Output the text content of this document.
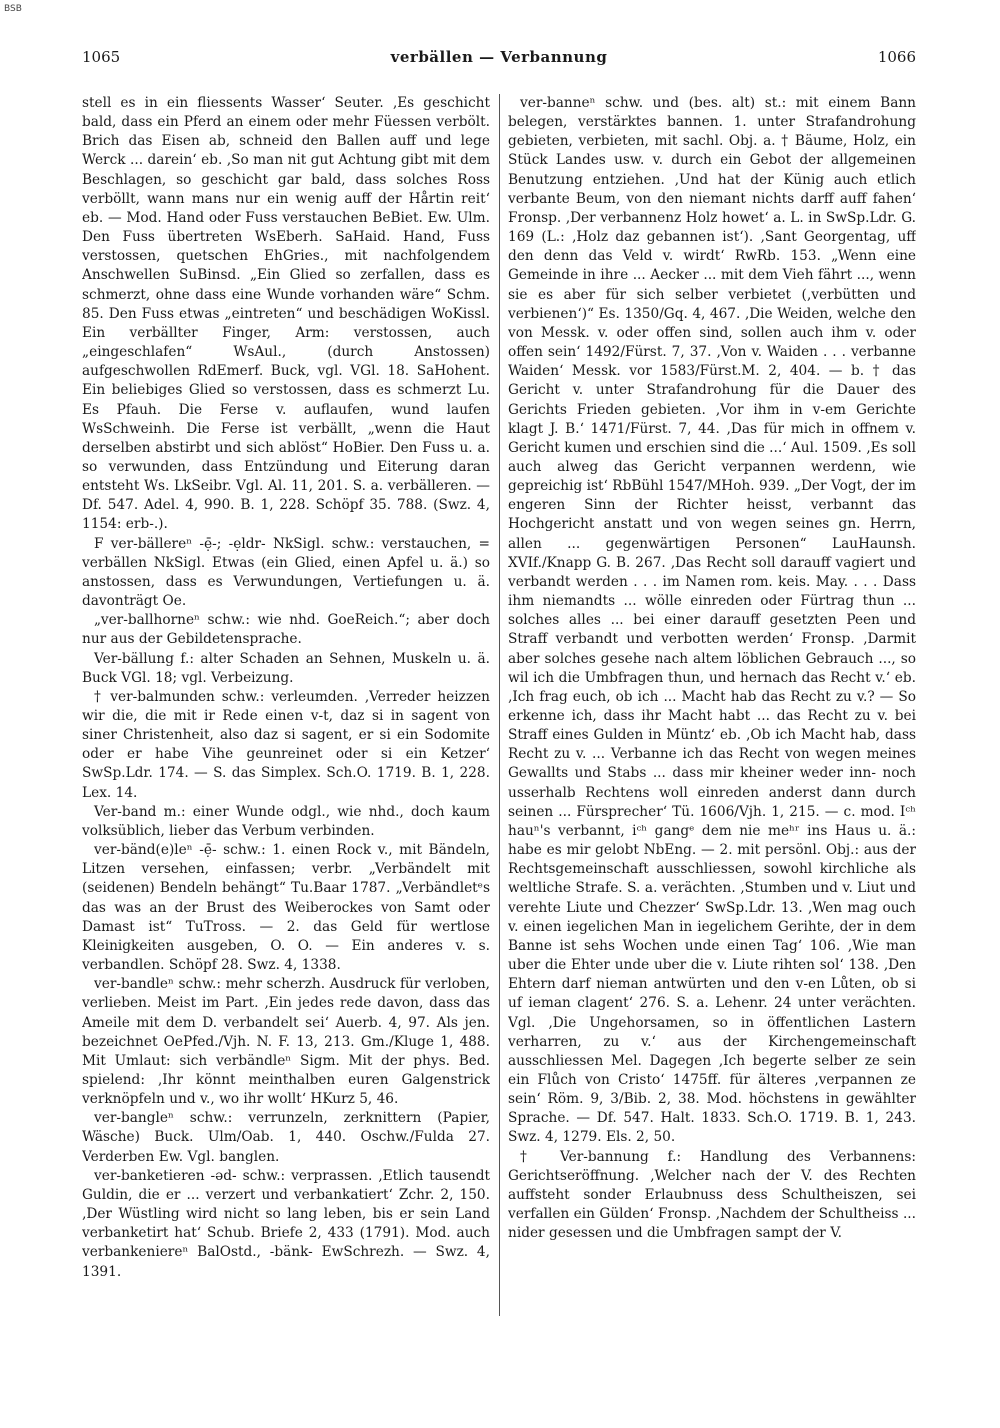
BSB
1065	verbällen — Verbannung	1066

stell es in ein fliessents Wasser‘ Seuter. ‚Es geschicht bald, dass ein Pferd an einem oder mehr Füessen verbölt. Brich das Eisen ab, schneid den Ballen auff und lege Werck ... darein‘ eb. ‚So man nit gut Achtung gibt mit dem Beschlagen, so geschicht gar bald, dass solches Ross verböllt, wann mans nur ein wenig auff der Hårtin reit‘ eb. — Mod. Hand oder Fuss verstauchen BeBiet. Ew. Ulm. Den Fuss übertreten WsEberh. SaHaid. Hand, Fuss verstossen, quetschen EhGries., mit nachfolgendem Anschwellen SuBinsd. „Ein Glied so zerfallen, dass es schmerzt, ohne dass eine Wunde vorhanden wäre“ Schm. 85. Den Fuss etwas „eintreten“ und beschädigen WoKissl. Ein verbällter Finger, Arm: verstossen, auch „eingeschlafen“ WsAul., (durch Anstossen) aufgeschwollen RdEmerf. Buck, vgl. VGl. 18. SaHohent. Ein beliebiges Glied so verstossen, dass es schmerzt Lu. Es Pfauh. Die Ferse v. auflaufen, wund laufen WsSchweinh. Die Ferse ist verbällt, „wenn die Haut derselben abstirbt und sich ablöst“ HoBier. Den Fuss u. a. so verwunden, dass Entzündung und Eiterung daran entsteht Ws. LkSeibr. Vgl. Al. 11, 201. S. a. verbälleren. — Df. 547. Adel. 4, 990. B. 1, 228. Schöpf 35. 788. (Swz. 4, 1154: erb-.).

F ver-bällereⁿ -ẹ̄-; -ẹldr- NkSigl. schw.: verstauchen, = verbällen NkSigl. Etwas (ein Glied, einen Apfel u. ä.) so anstossen, dass es Verwundungen, Vertiefungen u. ä. davonträgt Oe.

„ver-ballhorneⁿ schw.: wie nhd. GoeReich.“; aber doch nur aus der Gebildetensprache.

Ver-bällung f.: alter Schaden an Sehnen, Muskeln u. ä. Buck VGl. 18; vgl. Verbeizung.

† ver-balmunden schw.: verleumden. ‚Verreder heizzen wir die, die mit ir Rede einen v-t, daz si in sagent von siner Christenheit, also daz si sagent, er si ein Sodomite oder er habe Vihe geunreinet oder si ein Ketzer‘ SwSp.Ldr. 174. — S. das Simplex. Sch.O. 1719. B. 1, 228. Lex. 14.

Ver-band m.: einer Wunde odgl., wie nhd., doch kaum volksüblich, lieber das Verbum verbinden.

ver-bänd(e)leⁿ -ẹ̄- schw.: 1. einen Rock v., mit Bändeln, Litzen versehen, einfassen; verbr. „Verbändelt mit (seidenen) Bendeln behängt“ Tu.Baar 1787. „Verbändletᵉs das was an der Brust des Weiberockes von Samt oder Damast ist“ TuTross. — 2. das Geld für wertlose Kleinigkeiten ausgeben, O. O. — Ein anderes v. s. verbandlen. Schöpf 28. Swz. 4, 1338.

ver-bandleⁿ schw.: mehr scherzh. Ausdruck für verloben, verlieben. Meist im Part. ‚Ein jedes rede davon, dass das Ameile mit dem D. verbandelt sei‘ Auerb. 4, 97. Als jen. bezeichnet OePfed./Vjh. N. F. 13, 213. Gm./Kluge 1, 488. Mit Umlaut: sich verbändleⁿ Sigm. Mit der phys. Bed. spielend: ‚Ihr könnt meinthalben euren Galgenstrick verknöpfeln und v., wo ihr wollt‘ HKurz 5, 46.

ver-bangleⁿ schw.: verrunzeln, zerknittern (Papier, Wäsche) Buck. Ulm/Oab. 1, 440. Oschw./Fulda 27. Verderben Ew. Vgl. banglen.

ver-banketieren -əd- schw.: verprassen. ‚Etlich tausendt Guldin, die er ... verzert und verbankatiert‘ Zchr. 2, 150. ‚Der Wüstling wird nicht so lang leben, bis er sein Land verbanketirt hat‘ Schub. Briefe 2, 433 (1791). Mod. auch verbankeniereⁿ BalOstd., -bänk- EwSchrezh. — Swz. 4, 1391.

ver-banneⁿ schw. und (bes. alt) st.: mit einem Bann belegen, verstärktes bannen. 1. unter Strafandrohung gebieten, verbieten, mit sachl. Obj. a. † Bäume, Holz, ein Stück Landes usw. v. durch ein Gebot der allgemeinen Benutzung entziehen. ‚Und hat der Künig auch etlich verbante Beum, von den niemant nichts darff auff fahen‘ Fronsp. ‚Der verbannenz Holz howet‘ a. L. in SwSp.Ldr. G. 169 (L.: ‚Holz daz gebannen ist‘). ‚Sant Georgentag, uff den denn das Veld v. wirdt‘ RwRb. 153. „Wenn eine Gemeinde in ihre ... Aecker ... mit dem Vieh fährt ..., wenn sie es aber für sich selber verbietet (‚verbütten und verbienen‘)“ Es. 1350/Gq. 4, 467. ‚Die Weiden, welche den von Messk. v. oder offen sind, sollen auch ihm v. oder offen sein‘ 1492/Fürst. 7, 37. ‚Von v. Waiden . . . verbanne Waiden‘ Messk. vor 1583/Fürst.M. 2, 404. — b. † das Gericht v. unter Strafandrohung für die Dauer des Gerichts Frieden gebieten. ‚Vor ihm in v-em Gerichte klagt J. B.‘ 1471/Fürst. 7, 44. ‚Das für mich in offnem v. Gericht kumen und erschien sind die ...‘ Aul. 1509. ‚Es soll auch alweg das Gericht verpannen werdenn, wie gepreichig ist‘ RbBühl 1547/MHoh. 939. „Der Vogt, der im engeren Sinn der Richter heisst, verbannt das Hochgericht anstatt und von wegen seines gn. Herrn, allen ... gegenwärtigen Personen“ LauHaunsh. XVIf./Knapp G. B. 267. ‚Das Recht soll darauff vagiert und verbandt werden . . . im Namen rom. keis. May. . . . Dass ihm niemandts ... wölle einreden oder Fürtrag thun ... solches alles ... bei einer darauff gesetzten Peen und Straff verbandt und verbotten werden‘ Fronsp. ‚Darmit aber solches gesehe nach altem löblichen Gebrauch ..., so wil ich die Umbfragen thun, und hernach das Recht v.‘ eb. ‚Ich frag euch, ob ich ... Macht hab das Recht zu v.? — So erkenne ich, dass ihr Macht habt ... das Recht zu v. bei Straff eines Gulden in Müntz‘ eb. ‚Ob ich Macht hab, dass Recht zu v. ... Verbanne ich das Recht von wegen meines Gewallts und Stabs ... dass mir kheiner weder inn- noch usserhalb Rechtens woll einreden anderst dann durch seinen ... Fürsprecher‘ Tü. 1606/Vjh. 1, 215. — c. mod. Iᶜʰ hauⁿ's verbannt, iᶜʰ gangᵉ dem nie meʰʳ ins Haus u. ä.: habe es mir gelobt NbEng. — 2. mit persönl. Obj.: aus der Rechtsgemeinschaft ausschliessen, sowohl kirchliche als weltliche Strafe. S. a. verächten. ‚Stumben und v. Liut und verehte Liute und Chezzer‘ SwSp.Ldr. 13. ‚Wen mag ouch v. einen iegelichen Man in iegelichem Gerihte, der in dem Banne ist sehs Wochen unde einen Tag‘ 106. ‚Wie man uber die Ehter unde uber die v. Liute rihten sol‘ 138. ‚Den Ehtern darf nieman antwürten und den v-en Lůten, ob si uf ieman clagent‘ 276. S. a. Lehenr. 24 unter verächten. Vgl. ‚Die Ungehorsamen, so in öffentlichen Lastern verharren, zu v.‘ aus der Kirchengemeinschaft ausschliessen Mel. Dagegen ‚Ich begerte selber ze sein ein Flůch von Cristo‘ 1475ff. für älteres ‚verpannen ze sein‘ Röm. 9, 3/Bib. 2, 38. Mod. höchstens in gewählter Sprache. — Df. 547. Halt. 1833. Sch.O. 1719. B. 1, 243. Swz. 4, 1279. Els. 2, 50.

† Ver-bannung f.: Handlung des Verbannens: Gerichtseröffnung. ‚Welcher nach der V. des Rechten auffsteht sonder Erlaubnuss dess Schultheiszen, sei verfallen ein Gülden‘ Fronsp. ‚Nachdem der Schultheiss ... nider gesessen und die Umbfragen sampt der V.
